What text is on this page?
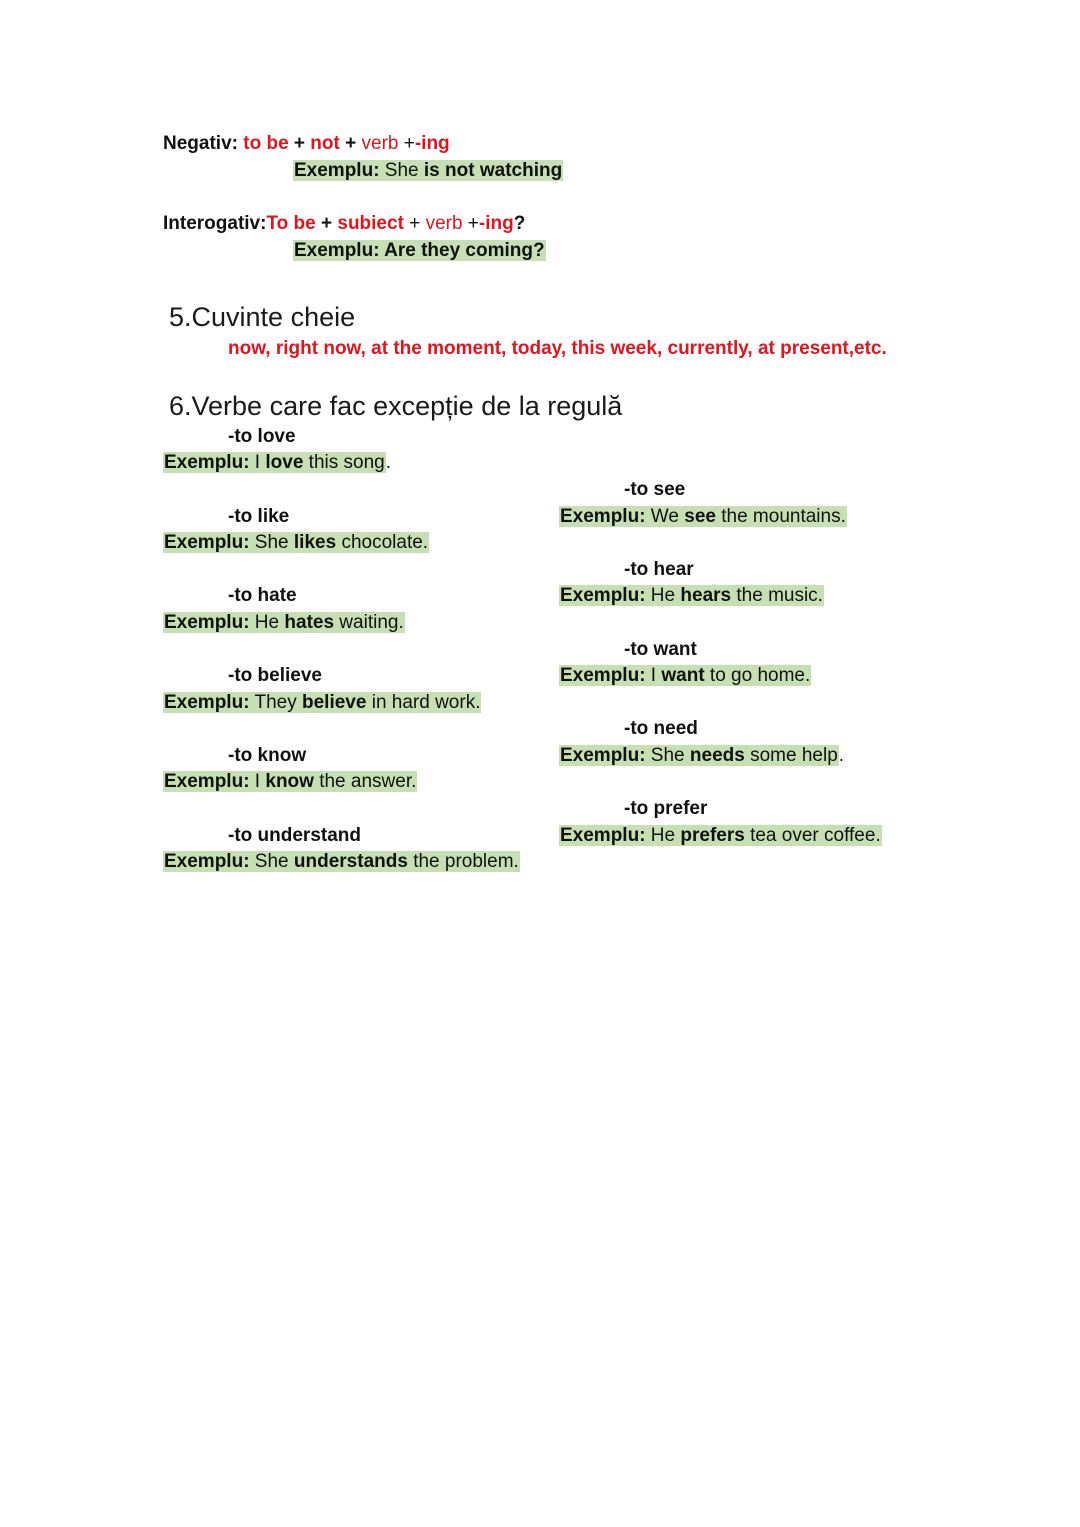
Negativ: to be + not + verb +-ing
Exemplu: She is not watching
Interogativ:To be + subiect + verb +-ing?
Exemplu: Are they coming?
5.Cuvinte cheie
now, right now, at the moment, today, this week, currently, at present,etc.
6.Verbe care fac excepție de la regulă
-to love
Exemplu: I love this song.
-to like
Exemplu: She likes chocolate.
-to hate
Exemplu: He hates waiting.
-to believe
Exemplu: They believe in hard work.
-to know
Exemplu: I know the answer.
-to understand
Exemplu: She understands the problem.
-to see
Exemplu: We see the mountains.
-to hear
Exemplu: He hears the music.
-to want
Exemplu: I want to go home.
-to need
Exemplu: She needs some help.
-to prefer
Exemplu: He prefers tea over coffee.
